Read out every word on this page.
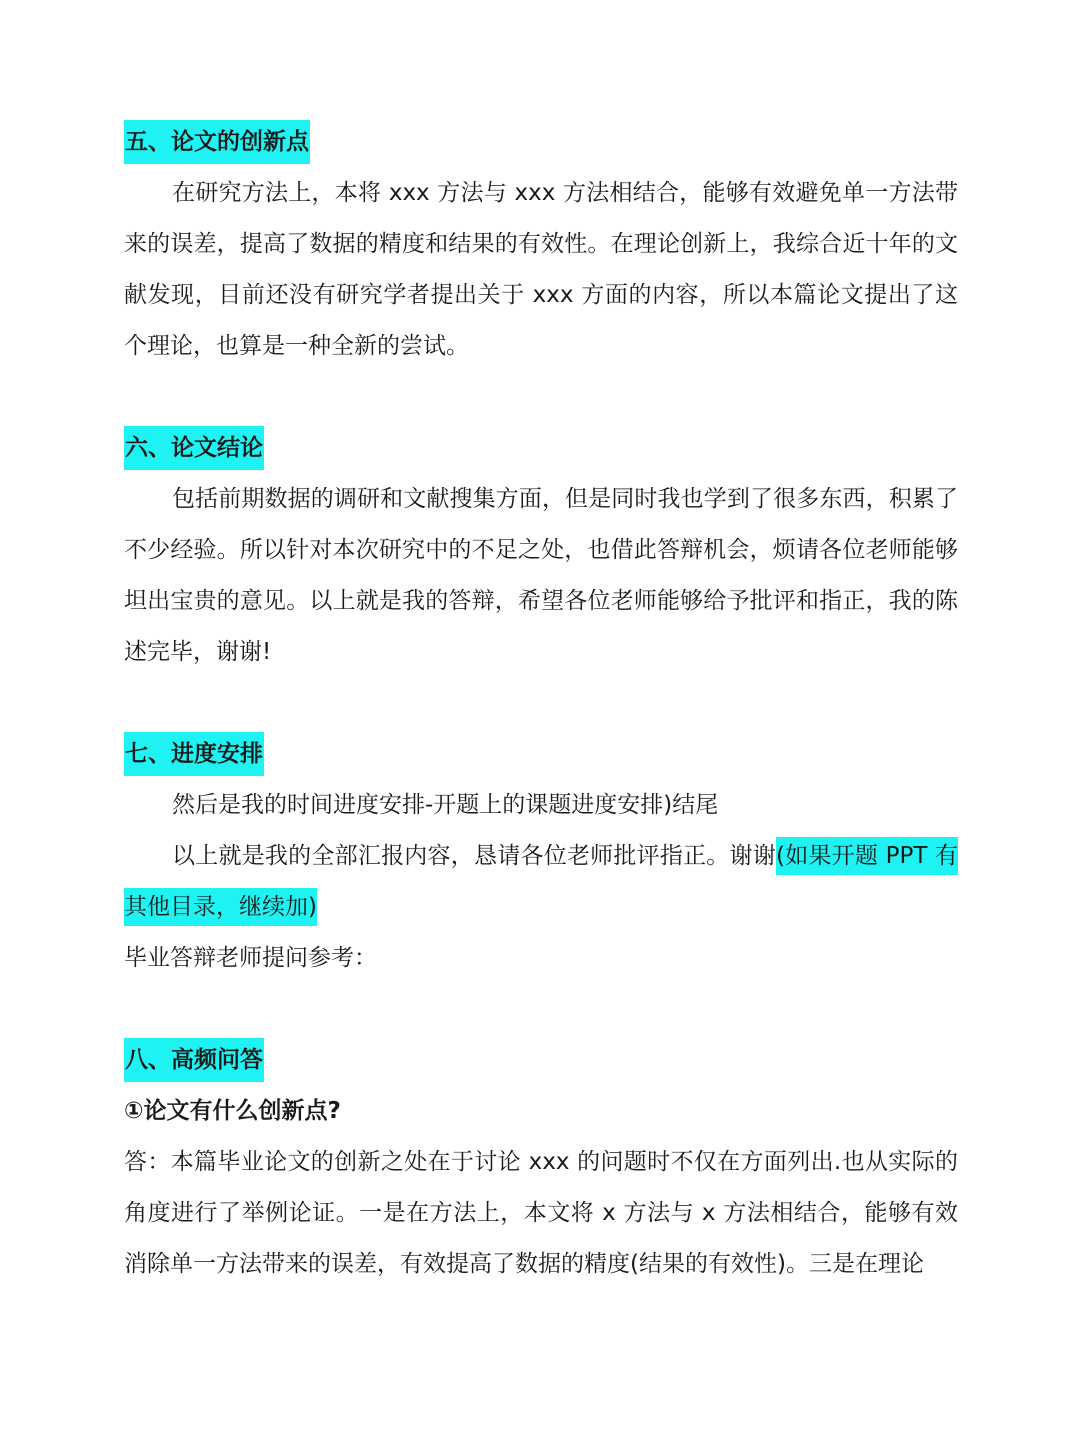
五、论文的创新点

在研究方法上，本将 xxx 方法与 xxx 方法相结合，能够有效避免单一方法带来的误差，提高了数据的精度和结果的有效性。在理论创新上，我综合近十年的文献发现，目前还没有研究学者提出关于 xxx 方面的内容，所以本篇论文提出了这个理论，也算是一种全新的尝试。

六、论文结论

包括前期数据的调研和文献搜集方面，但是同时我也学到了很多东西，积累了不少经验。所以针对本次研究中的不足之处，也借此答辩机会，烦请各位老师能够坦出宝贵的意见。以上就是我的答辩，希望各位老师能够给予批评和指正，我的陈述完毕，谢谢!

七、进度安排

然后是我的时间进度安排-开题上的课题进度安排)结尾

以上就是我的全部汇报内容，恳请各位老师批评指正。谢谢(如果开题 PPT 有其他目录，继续加)

毕业答辩老师提问参考：

八、高频问答

①论文有什么创新点?

答：本篇毕业论文的创新之处在于讨论 xxx 的问题时不仅在方面列出.也从实际的角度进行了举例论证。一是在方法上，本文将 x 方法与 x 方法相结合，能够有效消除单一方法带来的误差，有效提高了数据的精度(结果的有效性)。三是在理论
